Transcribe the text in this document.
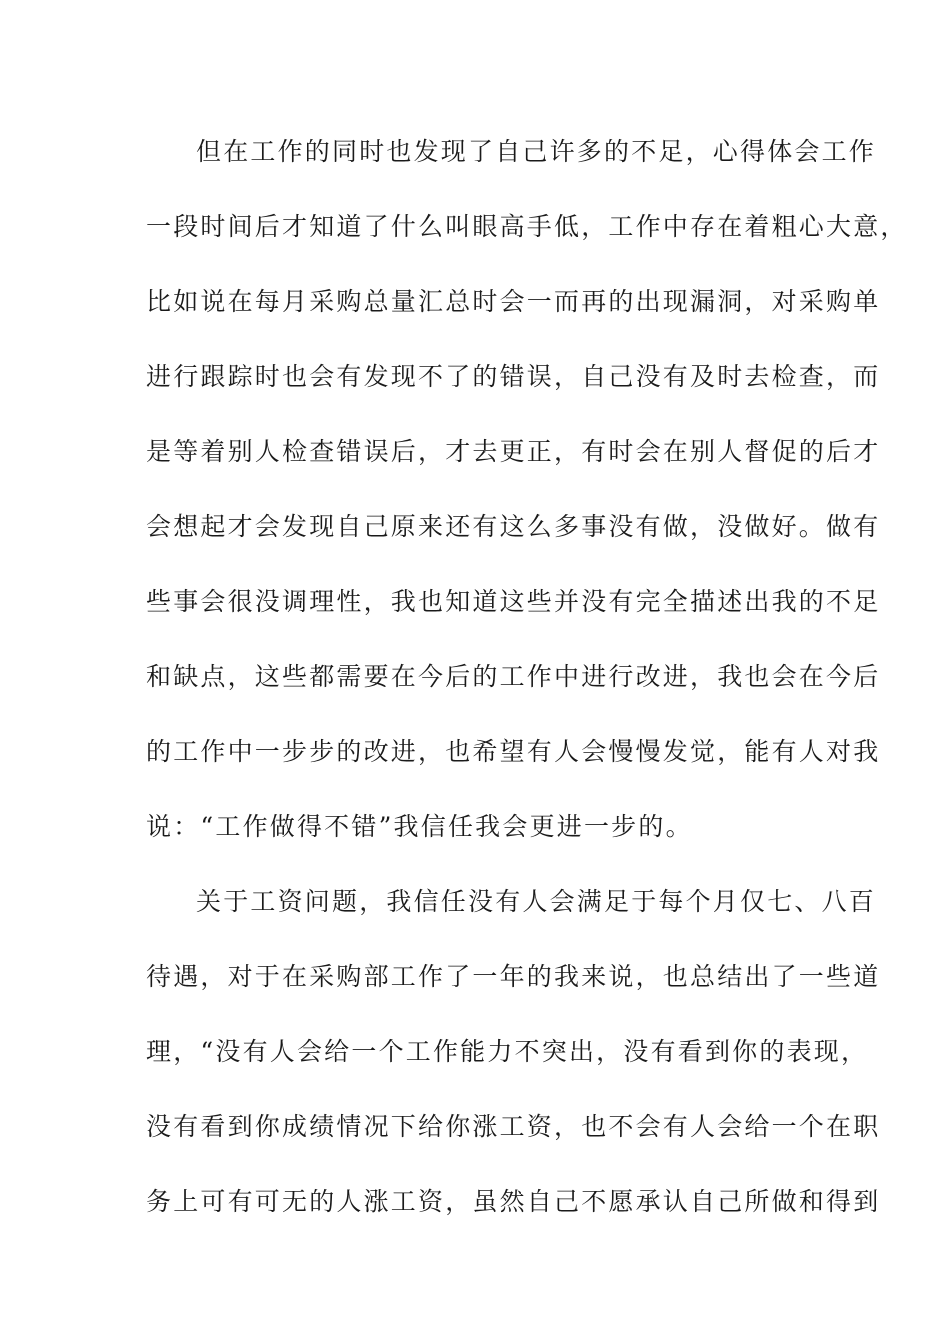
但在工作的同时也发现了自己许多的不足，心得体会工作
一段时间后才知道了什么叫眼高手低，工作中存在着粗心大意，
比如说在每月采购总量汇总时会一而再的出现漏洞，对采购单
进行跟踪时也会有发现不了的错误，自己没有及时去检查，而
是等着别人检查错误后，才去更正，有时会在别人督促的后才
会想起才会发现自己原来还有这么多事没有做，没做好。做有
些事会很没调理性，我也知道这些并没有完全描述出我的不足
和缺点，这些都需要在今后的工作中进行改进，我也会在今后
的工作中一步步的改进，也希望有人会慢慢发觉，能有人对我
说：“工作做得不错”我信任我会更进一步的。
关于工资问题，我信任没有人会满足于每个月仅七、八百
待遇，对于在采购部工作了一年的我来说，也总结出了一些道
理，“没有人会给一个工作能力不突出，没有看到你的表现，
没有看到你成绩情况下给你涨工资，也不会有人会给一个在职
务上可有可无的人涨工资，虽然自己不愿承认自己所做和得到
